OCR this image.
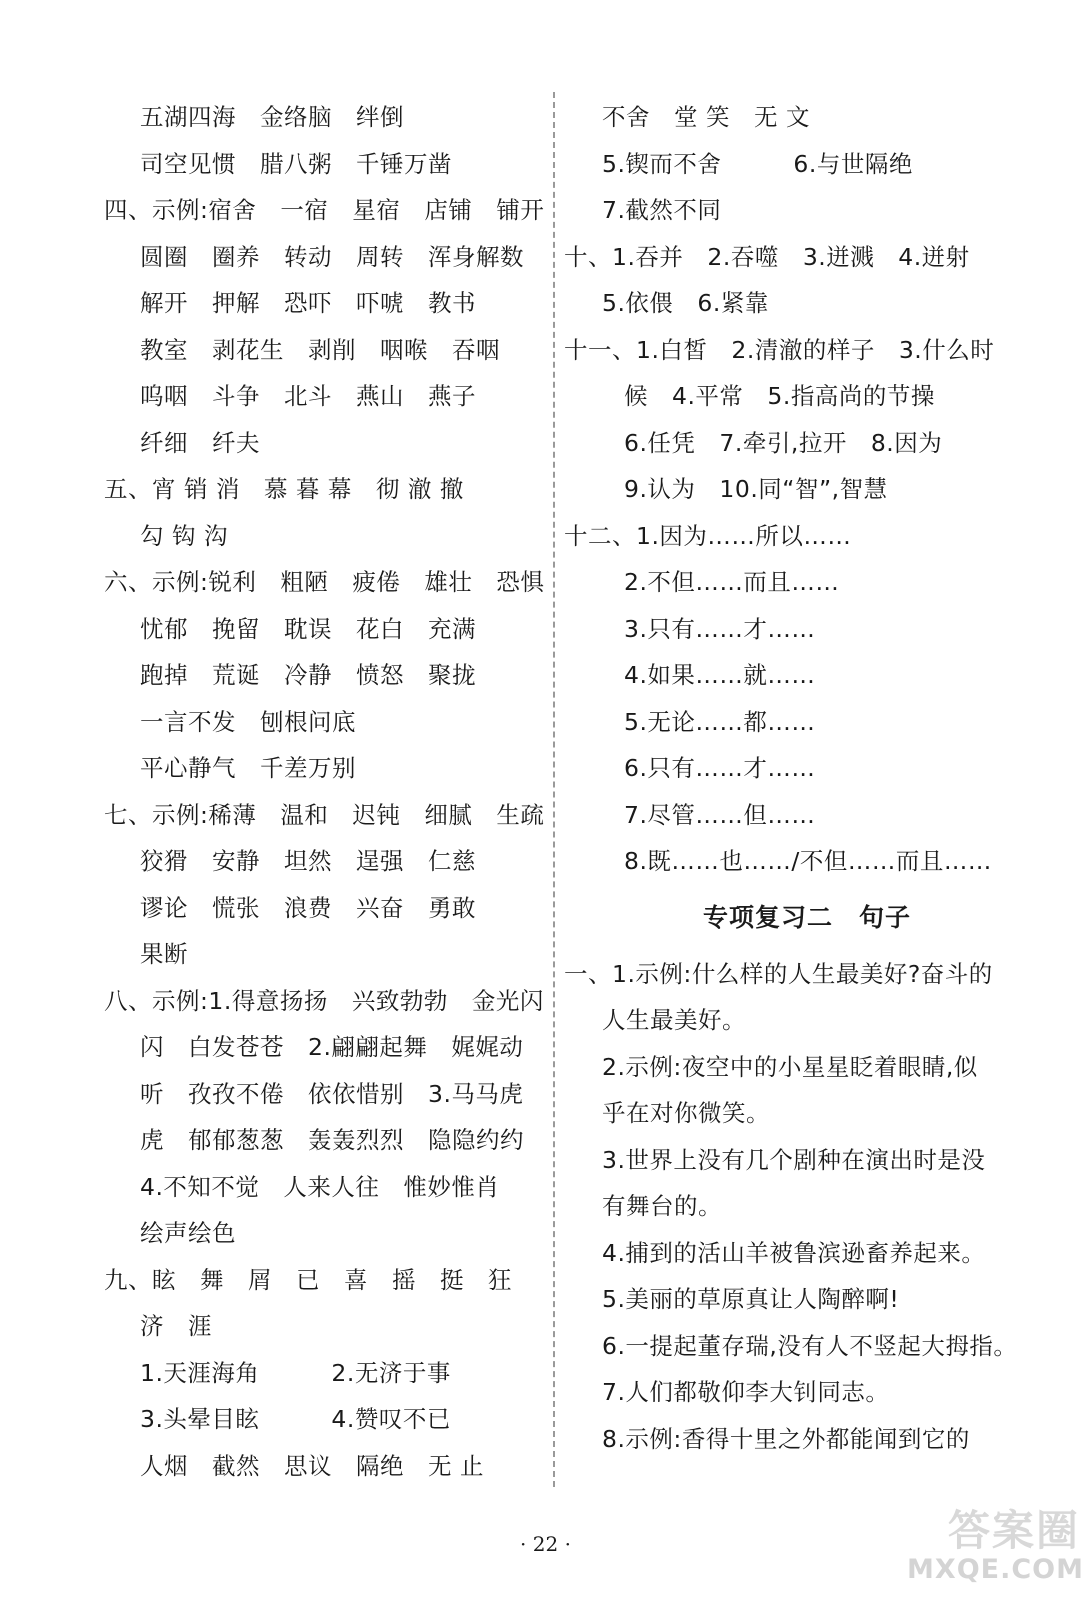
五湖四海　金络脑　绊倒
司空见惯　腊八粥　千锤万凿
四、示例:宿舍　一宿　星宿　店铺　铺开
圆圈　圈养　转动　周转　浑身解数
解开　押解　恐吓　吓唬　教书
教室　剥花生　剥削　咽喉　吞咽
呜咽　斗争　北斗　燕山　燕子
纤细　纤夫
五、宵 销 消　慕 暮 幕　彻 澈 撤
勾 钩 沟
六、示例:锐利　粗陋　疲倦　雄壮　恐惧
忧郁　挽留　耽误　花白　充满
跑掉　荒诞　冷静　愤怒　聚拢
一言不发　刨根问底
平心静气　千差万别
七、示例:稀薄　温和　迟钝　细腻　生疏
狡猾　安静　坦然　逞强　仁慈
谬论　慌张　浪费　兴奋　勇敢
果断
八、示例:1.得意扬扬　兴致勃勃　金光闪
闪　白发苍苍　2.翩翩起舞　娓娓动
听　孜孜不倦　依依惜别　3.马马虎
虎　郁郁葱葱　轰轰烈烈　隐隐约约
4.不知不觉　人来人往　惟妙惟肖
绘声绘色
九、眩　舞　屑　已　喜　摇　挺　狂
济　涯
1.天涯海角　　　2.无济于事
3.头晕目眩　　　4.赞叹不已
人烟　截然　思议　隔绝　无 止
不舍　堂 笑　无 文
5.锲而不舍　　　6.与世隔绝
7.截然不同
十、1.吞并　2.吞噬　3.迸溅　4.迸射
5.依偎　6.紧靠
十一、1.白皙　2.清澈的样子　3.什么时
候　4.平常　5.指高尚的节操
6.任凭　7.牵引,拉开　8.因为
9.认为　10.同“智”,智慧
十二、1.因为……所以……
2.不但……而且……
3.只有……才……
4.如果……就……
5.无论……都……
6.只有……才……
7.尽管……但……
8.既……也……/不但……而且……
专项复习二　句子
一、1.示例:什么样的人生最美好?奋斗的
人生最美好。
2.示例:夜空中的小星星眨着眼睛,似
乎在对你微笑。
3.世界上没有几个剧种在演出时是没
有舞台的。
4.捕到的活山羊被鲁滨逊畜养起来。
5.美丽的草原真让人陶醉啊!
6.一提起董存瑞,没有人不竖起大拇指。
7.人们都敬仰李大钊同志。
8.示例:香得十里之外都能闻到它的
· 22 ·	答案圈
MXQE.COM
